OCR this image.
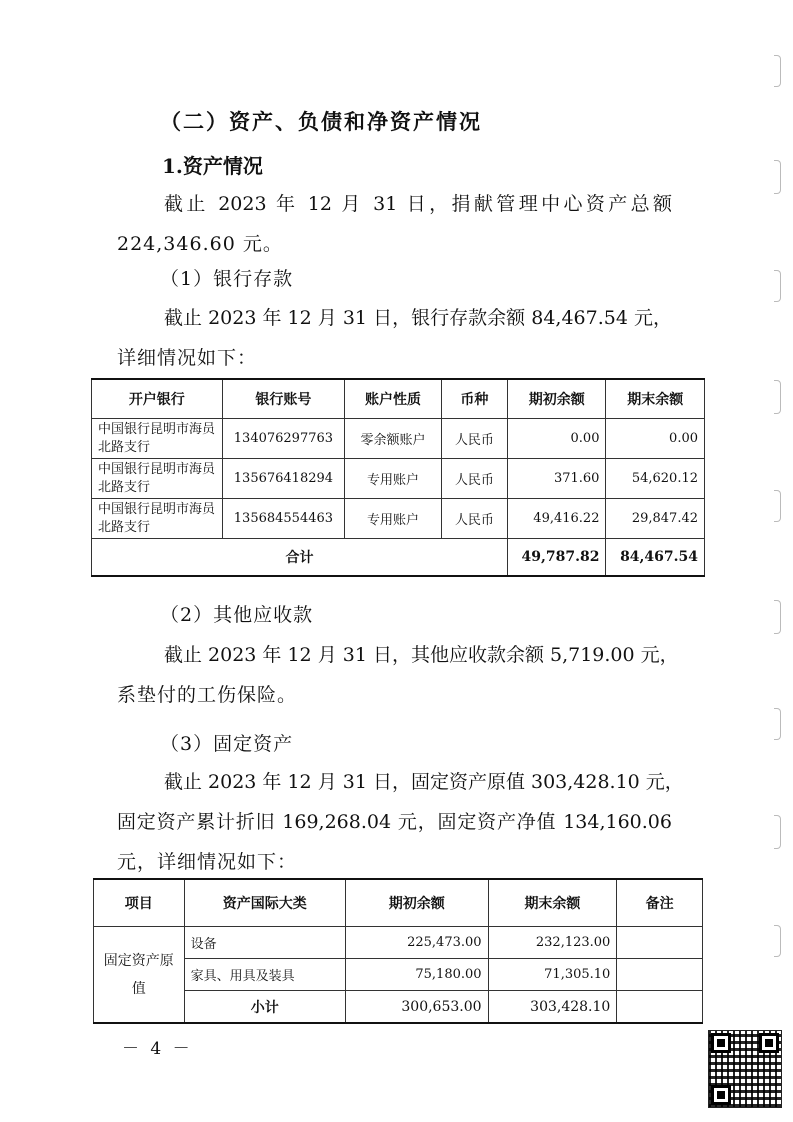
（二）资产、负债和净资产情况
1.资产情况
截止 2023 年 12 月 31 日，捐献管理中心资产总额
224,346.60 元。
（1）银行存款
截止 2023 年 12 月 31 日，银行存款余额 84,467.54 元，
详细情况如下：
开户银行	银行账号	账户性质	币种	期初余额	期末余额
中国银行昆明市海员北路支行	134076297763	零余额账户	人民币	0.00	0.00
中国银行昆明市海员北路支行	135676418294	专用账户	人民币	371.60	54,620.12
中国银行昆明市海员北路支行	135684554463	专用账户	人民币	49,416.22	29,847.42
合计				49,787.82	84,467.54
（2）其他应收款
截止 2023 年 12 月 31 日，其他应收款余额 5,719.00 元，
系垫付的工伤保险。
（3）固定资产
截止 2023 年 12 月 31 日，固定资产原值 303,428.10 元，
固定资产累计折旧 169,268.04 元，固定资产净值 134,160.06
元，详细情况如下：
项目	资产国际大类	期初余额	期末余额	备注
固定资产原值	设备	225,473.00	232,123.00	
	家具、用具及装具	75,180.00	71,305.10	
	小计	300,653.00	303,428.10	
－ 4 －
